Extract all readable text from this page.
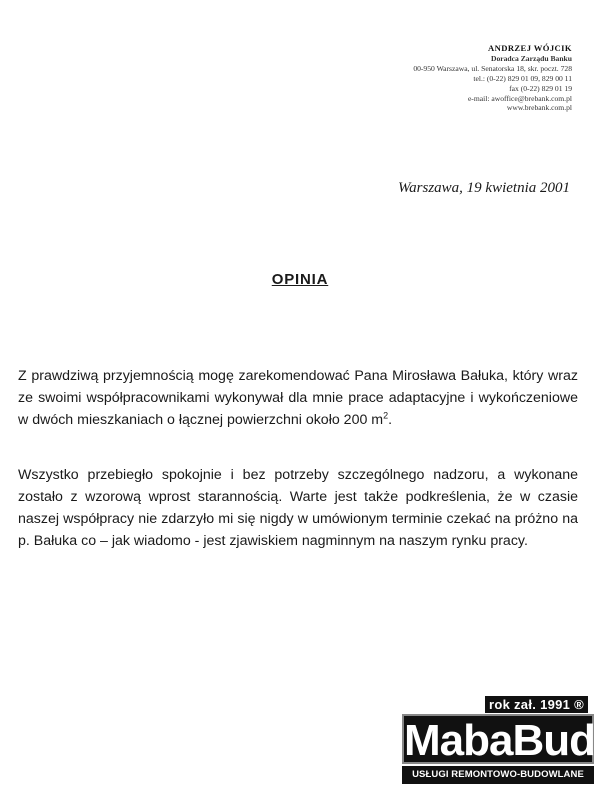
ANDRZEJ WÓJCIK
Doradca Zarządu Banku
00-950 Warszawa, ul. Senatorska 18, skr. poczt. 728
tel.: (0-22) 829 01 09, 829 00 11
fax (0-22) 829 01 19
e-mail: awoffice@brebank.com.pl
www.brebank.com.pl
Warszawa, 19 kwietnia 2001
OPINIA
Z prawdziwą przyjemnością mogę zarekomendować Pana Mirosława Bałuka, który wraz ze swoimi współpracownikami wykonywał dla mnie prace adaptacyjne i wykończeniowe w dwóch mieszkaniach o łącznej powierzchni około 200 $m^2$.
Wszystko przebiegło spokojnie i bez potrzeby szczególnego nadzoru, a wykonane zostało z wzorową wprost starannością. Warte jest także podkreślenia, że w czasie naszej współpracy nie zdarzyło mi się nigdy w umówionym terminie czekać na próżno na p. Bałuka co – jak wiadomo - jest zjawiskiem nagminnym na naszym rynku pracy.
rok zał. 1991 ®
MabaBud
USŁUGI REMONTOWO-BUDOWLANE
